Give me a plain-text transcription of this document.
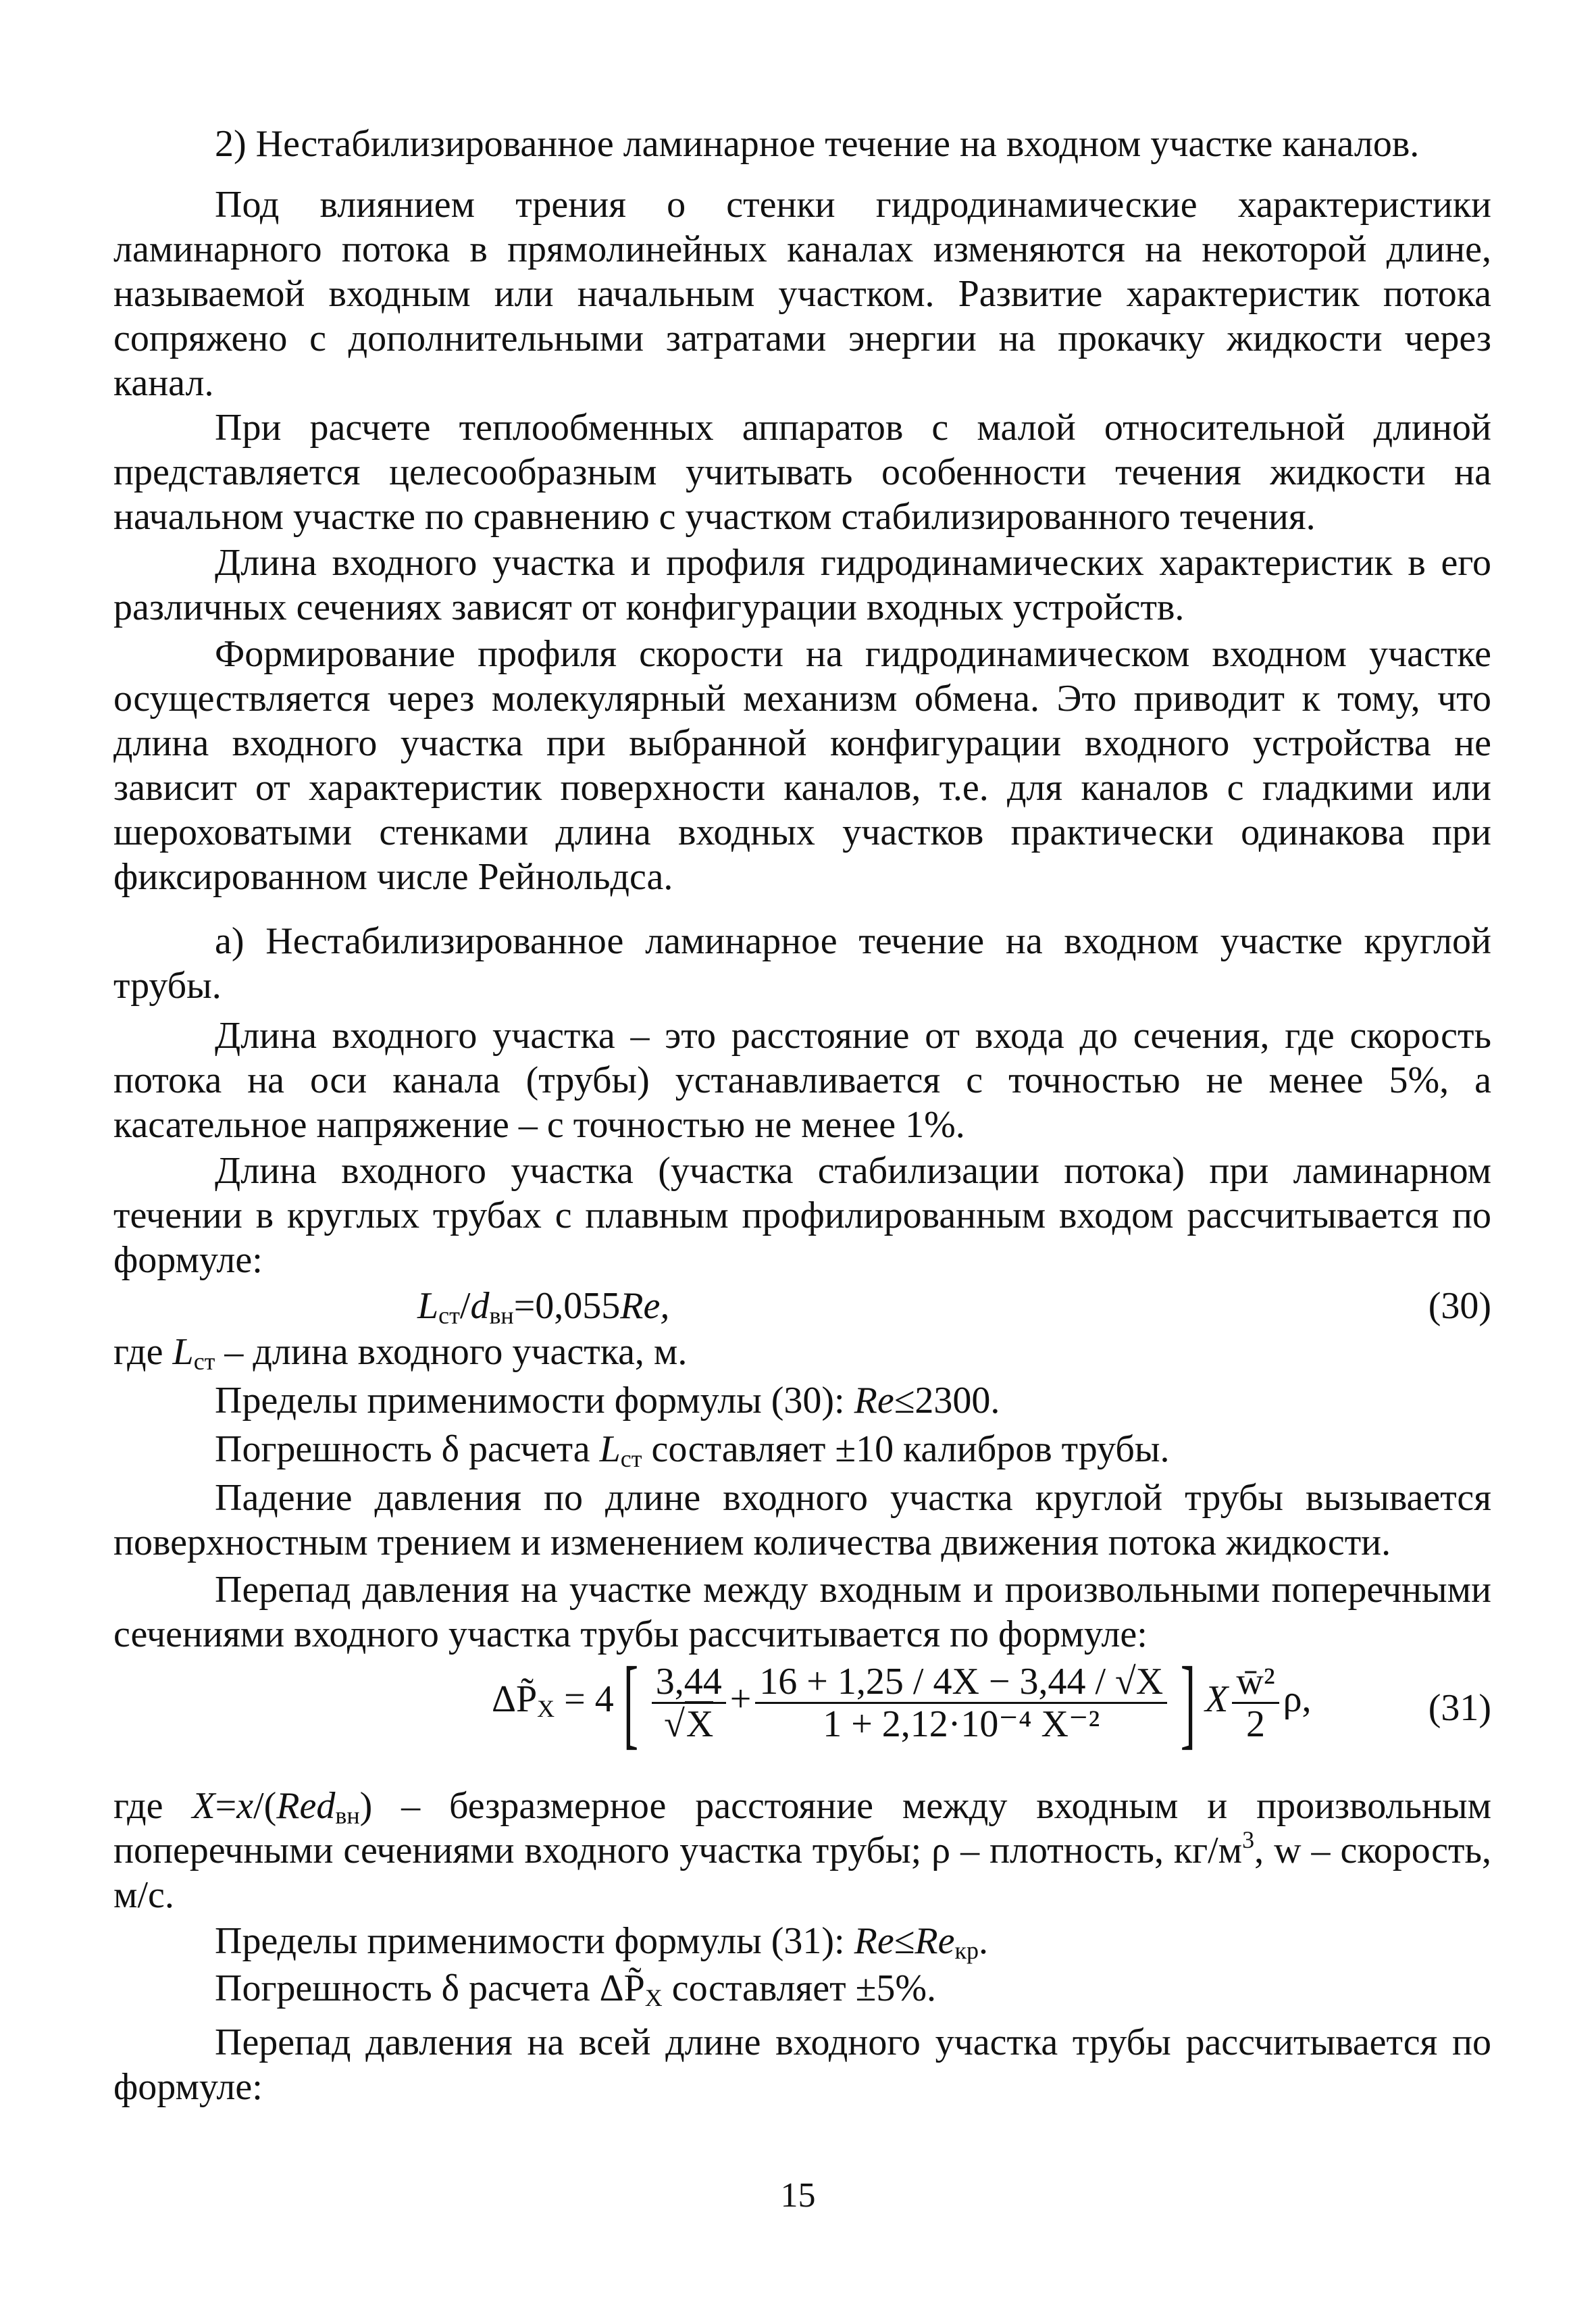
2) Нестабилизированное ламинарное течение на входном участке каналов.

Под влиянием трения о стенки гидродинамические характеристики ламинарного потока в прямолинейных каналах изменяются на некоторой длине, называемой входным или начальным участком. Развитие характеристик потока сопряжено с дополнительными затратами энергии на прокачку жидкости через канал.

При расчете теплообменных аппаратов с малой относительной длиной представляется целесообразным учитывать особенности течения жидкости на начальном участке по сравнению с участком стабилизированного течения.

Длина входного участка и профиля гидродинамических характеристик в его различных сечениях зависят от конфигурации входных устройств.

Формирование профиля скорости на гидродинамическом входном участке осуществляется через молекулярный механизм обмена. Это приводит к тому, что длина входного участка при выбранной конфигурации входного устройства не зависит от характеристик поверхности каналов, т.е. для каналов с гладкими или шероховатыми стенками длина входных участков практически одинакова при фиксированном числе Рейнольдса.

а) Нестабилизированное ламинарное течение на входном участке круглой трубы.

Длина входного участка – это расстояние от входа до сечения, где скорость потока на оси канала (трубы) устанавливается с точностью не менее 5%, а касательное напряжение – с точностью не менее 1%.

Длина входного участка (участка стабилизации потока) при ламинарном течении в круглых трубах с плавным профилированным входом рассчитывается по формуле:

$L_{ст}/d_{вн}=0,055Re$,	(30)

где $L_{ст}$ – длина входного участка, м.

Пределы применимости формулы (30): Re≤2300.

Погрешность δ расчета $L_{ст}$ составляет ±10 калибров трубы.

Падение давления по длине входного участка круглой трубы вызывается поверхностным трением и изменением количества движения потока жидкости.

Перепад давления на участке между входным и произвольными поперечными сечениями входного участка трубы рассчитывается по формуле:

$\Delta P̃_X = 4[ \frac{3,44}{√X} + \frac{16 + 1,25 / 4X - 3,44 / √X}{\text{1 + 2,12·10⁻⁴ X⁻²}}$ ] X $\frac{\text{w̄²}}{2} \rho$,	(31)

где X=x/(Red$_{вн}$) – безразмерное расстояние между входным и произвольным поперечными сечениями входного участка трубы; ρ – плотность, $кг/м^3$, w – скорость, м/с.

Пределы применимости формулы (31): $Re\le Re_{кр}$.

Погрешность δ расчета $\Delta P̃_X$ составляет ±5%.

Перепад давления на всей длине входного участка трубы рассчитывается по формуле:

15
